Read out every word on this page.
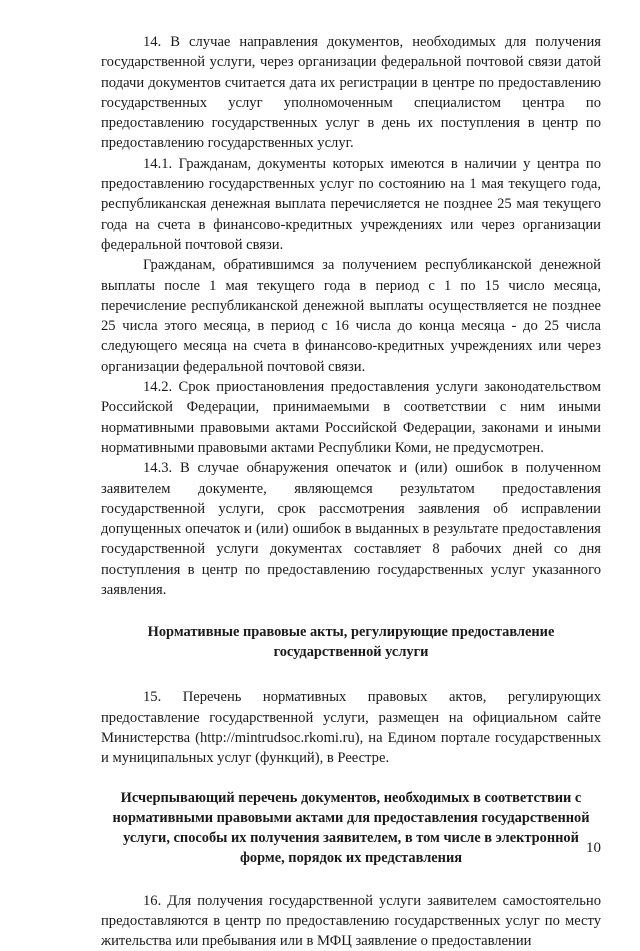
14. В случае направления документов, необходимых для получения государственной услуги, через организации федеральной почтовой связи датой подачи документов считается дата их регистрации в центре по предоставлению государственных услуг уполномоченным специалистом центра по предоставлению государственных услуг в день их поступления в центр по предоставлению государственных услуг.

14.1. Гражданам, документы которых имеются в наличии у центра по предоставлению государственных услуг по состоянию на 1 мая текущего года, республиканская денежная выплата перечисляется не позднее 25 мая текущего года на счета в финансово-кредитных учреждениях или через организации федеральной почтовой связи.

Гражданам, обратившимся за получением республиканской денежной выплаты после 1 мая текущего года в период с 1 по 15 число месяца, перечисление республиканской денежной выплаты осуществляется не позднее 25 числа этого месяца, в период с 16 числа до конца месяца - до 25 числа следующего месяца на счета в финансово-кредитных учреждениях или через организации федеральной почтовой связи.

14.2. Срок приостановления предоставления услуги законодательством Российской Федерации, принимаемыми в соответствии с ним иными нормативными правовыми актами Российской Федерации, законами и иными нормативными правовыми актами Республики Коми, не предусмотрен.

14.3. В случае обнаружения опечаток и (или) ошибок в полученном заявителем документе, являющемся результатом предоставления государственной услуги, срок рассмотрения заявления об исправлении допущенных опечаток и (или) ошибок в выданных в результате предоставления государственной услуги документах составляет 8 рабочих дней со дня поступления в центр по предоставлению государственных услуг указанного заявления.

Нормативные правовые акты, регулирующие предоставление государственной услуги

15. Перечень нормативных правовых актов, регулирующих предоставление государственной услуги, размещен на официальном сайте Министерства (http://mintrudsoc.rkomi.ru), на Едином портале государственных и муниципальных услуг (функций), в Реестре.

Исчерпывающий перечень документов, необходимых в соответствии с нормативными правовыми актами для предоставления государственной услуги, способы их получения заявителем, в том числе в электронной форме, порядок их представления

16. Для получения государственной услуги заявителем самостоятельно предоставляются в центр по предоставлению государственных услуг по месту жительства или пребывания или в МФЦ заявление о предоставлении

10
